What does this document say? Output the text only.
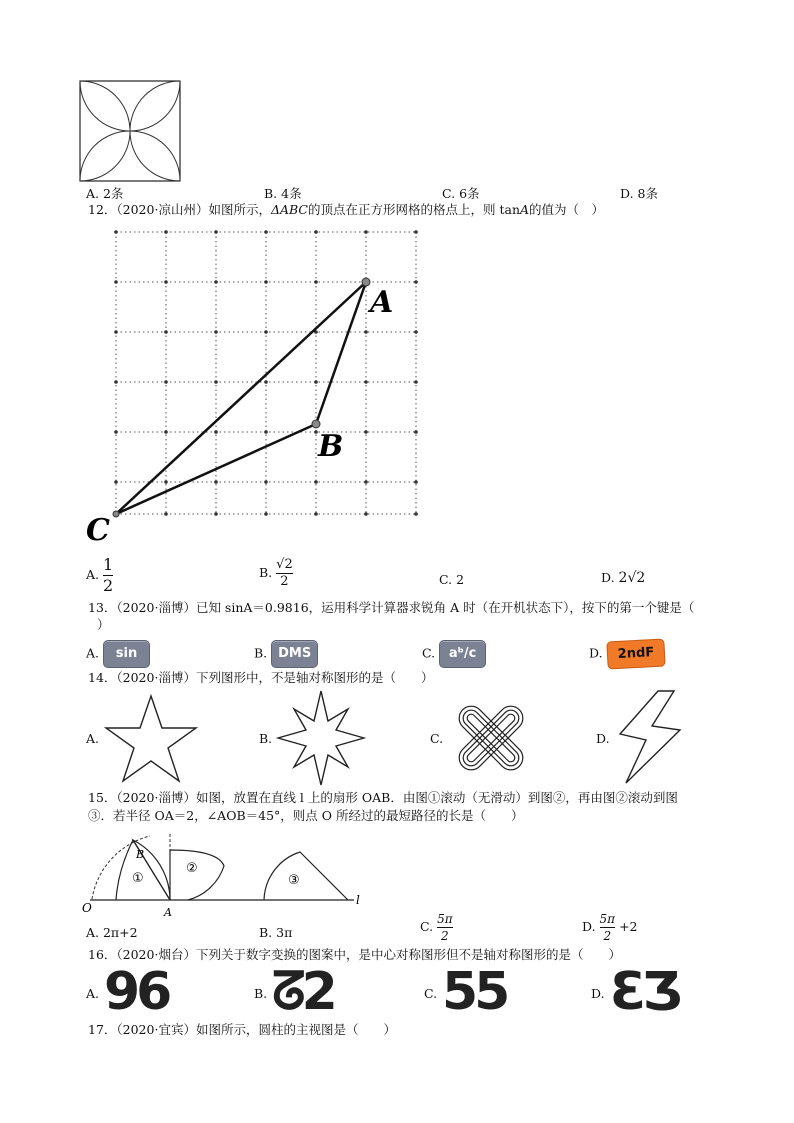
A. 2条	B. 4条	C. 6条	D. 8条
12．（2020·凉山州）如图所示，ΔABC的顶点在正方形网格的格点上，则 tanA的值为（　）
A
B
C
A. $\frac{1}{2}$	B. $\frac{√2}{2}$	C. 2	D. 2√2
13．（2020·淄博）已知 sinA＝0.9816，运用科学计算器求锐角 A 时（在开机状态下），按下的第一个键是（
）
A. sin	B. DMS	C. aᵇ/c	D. 2ndF
14．（2020·淄博）下列图形中，不是轴对称图形的是（　　）
A.	B.	C.	D.
15．（2020·淄博）如图，放置在直线 l 上的扇形 OAB．由图①滚动（无滑动）到图②，再由图②滚动到图
③．若半径 OA＝2，∠AOB＝45°，则点 O 所经过的最短路径的长是（　　）
O	A
B
l
①
②
③
A. 2π+2	B. 3π	C. $\frac{5\pi}{2}$	D. $\frac{5\pi}{2} +2$
16．（2020·烟台）下列关于数字变换的图案中，是中心对称图形但不是轴对称图形的是（　　）
A. 96	B. ᘔ2	C. 55	D. ƐƷ
17．（2020·宜宾）如图所示，圆柱的主视图是（　　）
